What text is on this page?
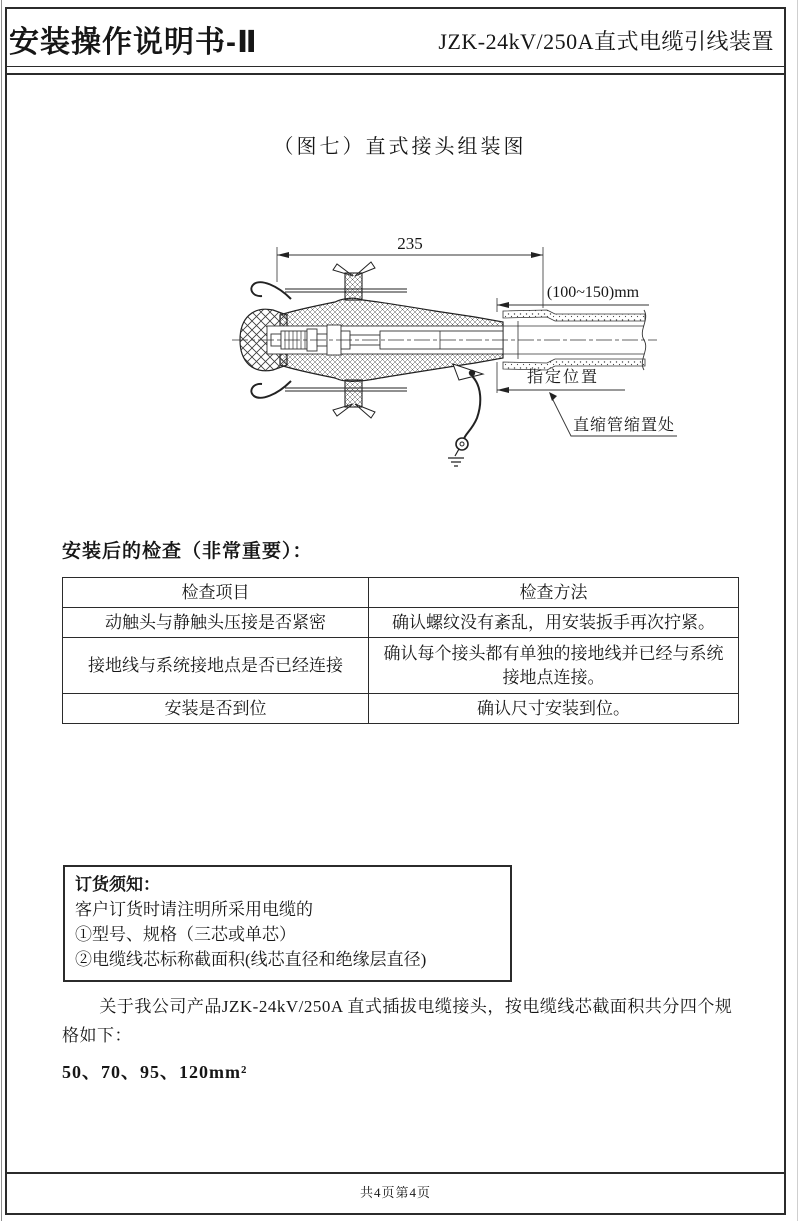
安装操作说明书-Ⅱ	JZK-24kV/250A直式电缆引线装置
共4页第4页
（图七）直式接头组装图
235
(100~150)mm
指定位置
直缩管缩置处
安装后的检查（非常重要）：
检查项目	检查方法
动触头与静触头压接是否紧密	确认螺纹没有紊乱，用安装扳手再次拧紧。
接地线与系统接地点是否已经连接	确认每个接头都有单独的接地线并已经与系统接地点连接。
安装是否到位	确认尺寸安装到位。
订货须知：
客户订货时请注明所采用电缆的
①型号、规格（三芯或单芯）
②电缆线芯标称截面积(线芯直径和绝缘层直径)
关于我公司产品JZK-24kV/250A 直式插拔电缆接头，按电缆线芯截面积共分四个规格如下：
50、70、95、120mm²
